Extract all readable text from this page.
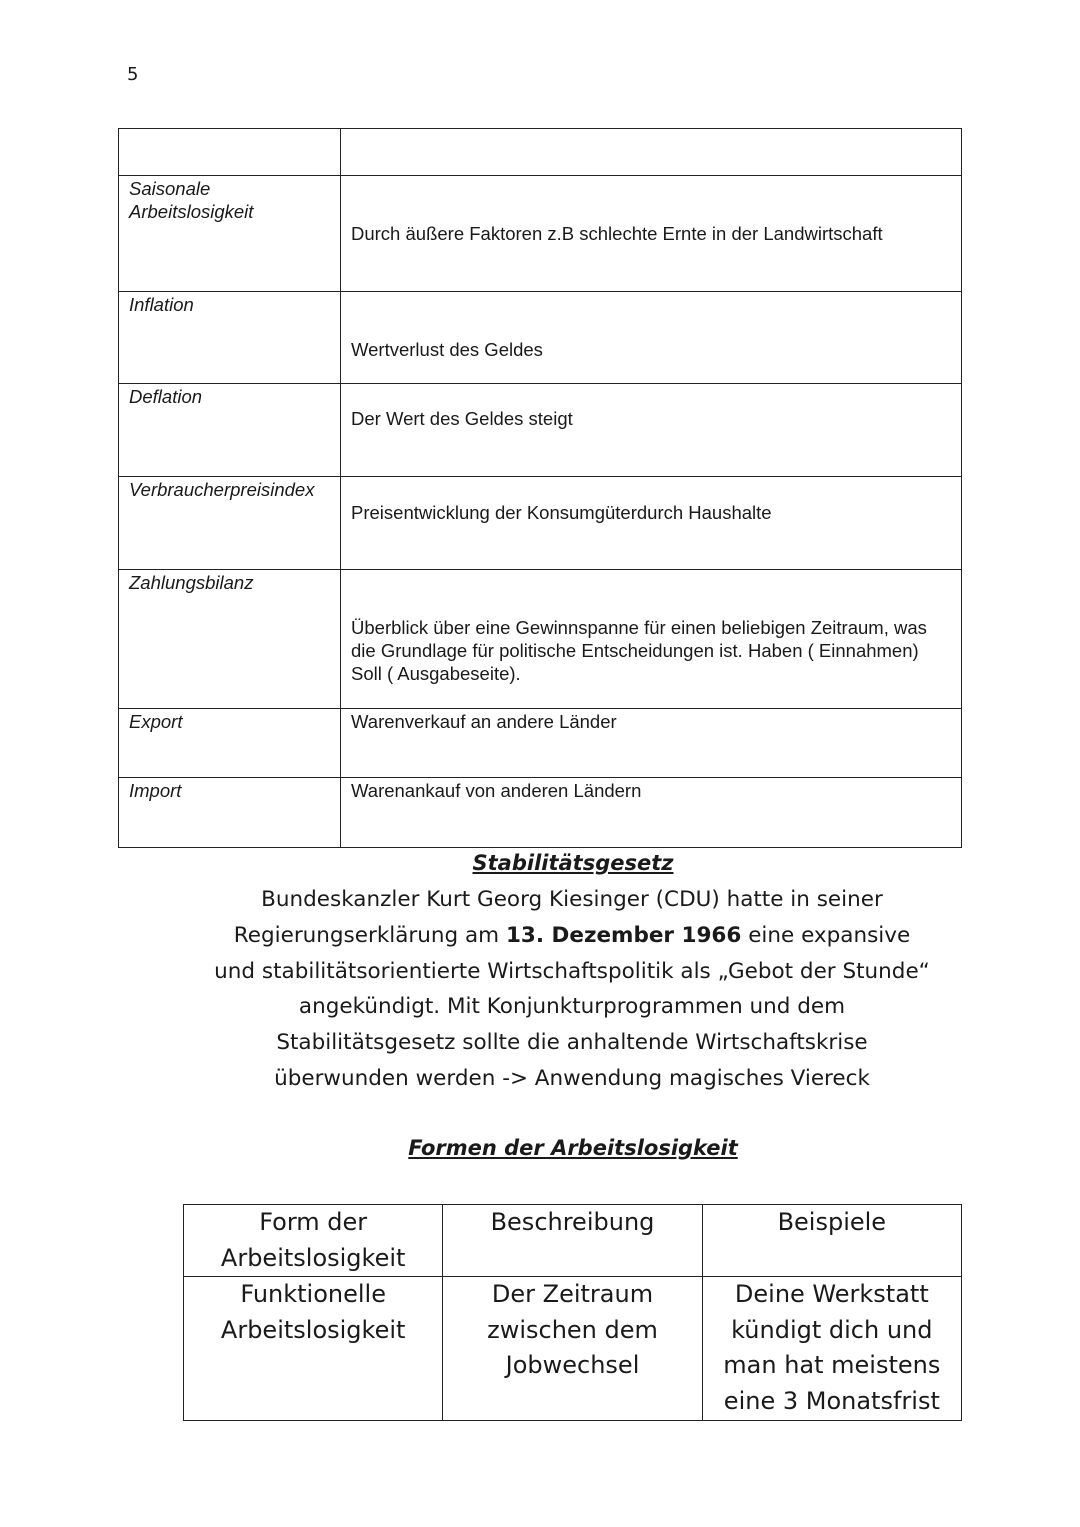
5

Saisonale Arbeitslosigkeit	Durch äußere Faktoren z.B schlechte Ernte in der Landwirtschaft

Inflation	Wertverlust des Geldes

Deflation	Der Wert des Geldes steigt

Verbraucherpreisindex	Preisentwicklung der Konsumgüterdurch Haushalte

Zahlungsbilanz	Überblick über eine Gewinnspanne für einen beliebigen Zeitraum, was die Grundlage für politische Entscheidungen ist. Haben ( Einnahmen) Soll ( Ausgabeseite).

Export	Warenverkauf an andere Länder

Import	Warenankauf von anderen Ländern
Stabilitätsgesetz
Bundeskanzler Kurt Georg Kiesinger (CDU) hatte in seiner Regierungserklärung am 13. Dezember 1966 eine expansive und stabilitätsorientierte Wirtschaftspolitik als „Gebot der Stunde“ angekündigt. Mit Konjunkturprogrammen und dem Stabilitätsgesetz sollte die anhaltende Wirtschaftskrise überwunden werden -> Anwendung magisches Viereck
Formen der Arbeitslosigkeit
Form der Arbeitslosigkeit	Beschreibung	Beispiele
Funktionelle Arbeitslosigkeit	Der Zeitraum zwischen dem Jobwechsel	Deine Werkstatt kündigt dich und man hat meistens eine 3 Monatsfrist
